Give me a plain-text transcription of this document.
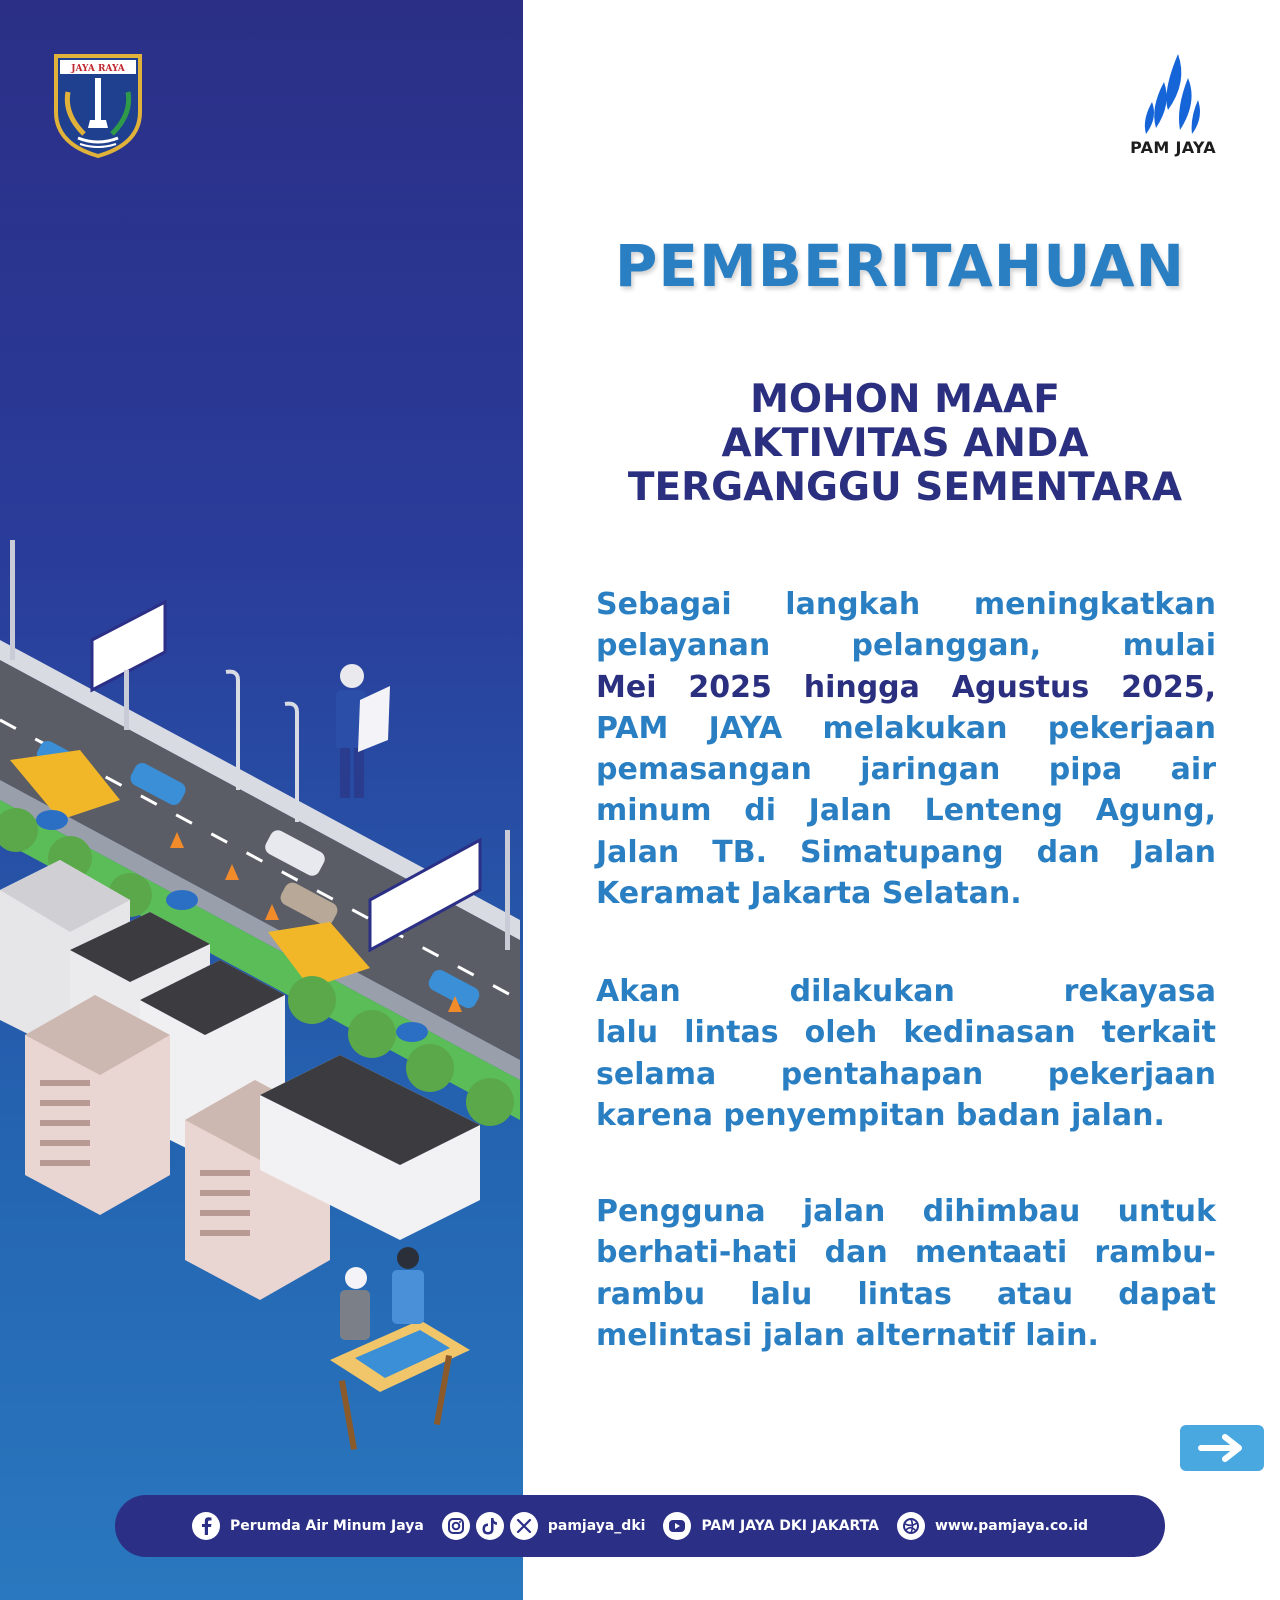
JAYA RAYA
PAM JAYA
PEMBERITAHUAN
MOHON MAAF
AKTIVITAS ANDA
TERGANGGU SEMENTARA
Sebagai langkah meningkatkan
pelayanan pelanggan, mulai
Mei 2025 hingga Agustus 2025,
PAM JAYA melakukan pekerjaan
pemasangan jaringan pipa air
minum di Jalan Lenteng Agung,
Jalan TB. Simatupang dan Jalan
Keramat Jakarta Selatan.
Akan dilakukan rekayasa
lalu lintas oleh kedinasan terkait
selama pentahapan pekerjaan
karena penyempitan badan jalan.
Pengguna jalan dihimbau untuk
berhati-hati dan mentaati rambu-
rambu lalu lintas atau dapat
melintasi jalan alternatif lain.
Perumda Air Minum Jaya	pamjaya_dki	PAM JAYA DKI JAKARTA	www.pamjaya.co.id
